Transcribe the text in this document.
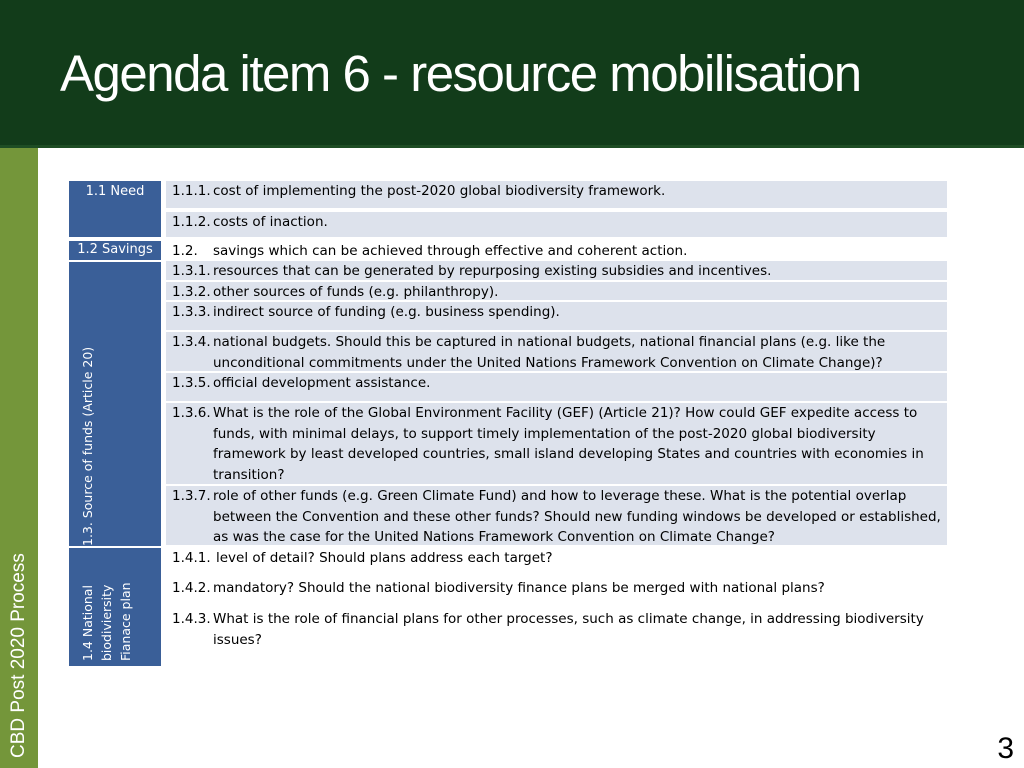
Agenda item 6 - resource mobilisation
CBD Post 2020 Process
1.1 Need
1.2 Savings
1.3. Source of funds (Article 20)
1.4 National biodiviersity Fianace plan
1.1.1. cost of implementing the post-2020 global biodiversity framework.
1.1.2. costs of inaction.
1.2. savings which can be achieved through effective and coherent action.
1.3.1. resources that can be generated by repurposing existing subsidies and incentives.
1.3.2. other sources of funds (e.g. philanthropy).
1.3.3. indirect source of funding (e.g. business spending).
1.3.4. national budgets. Should this be captured in national budgets, national financial plans (e.g. like the unconditional commitments under the United Nations Framework Convention on Climate Change)?
1.3.5. official development assistance.
1.3.6. What is the role of the Global Environment Facility (GEF) (Article 21)? How could GEF expedite access to funds, with minimal delays, to support timely implementation of the post-2020 global biodiversity framework by least developed countries, small island developing States and countries with economies in transition?
1.3.7. role of other funds (e.g. Green Climate Fund) and how to leverage these. What is the potential overlap between the Convention and these other funds? Should new funding windows be developed or established, as was the case for the United Nations Framework Convention on Climate Change?
1.4.1. level of detail? Should plans address each target?
1.4.2. mandatory? Should the national biodiversity finance plans be merged with national plans?
1.4.3. What is the role of financial plans for other processes, such as climate change, in addressing biodiversity issues?
3
